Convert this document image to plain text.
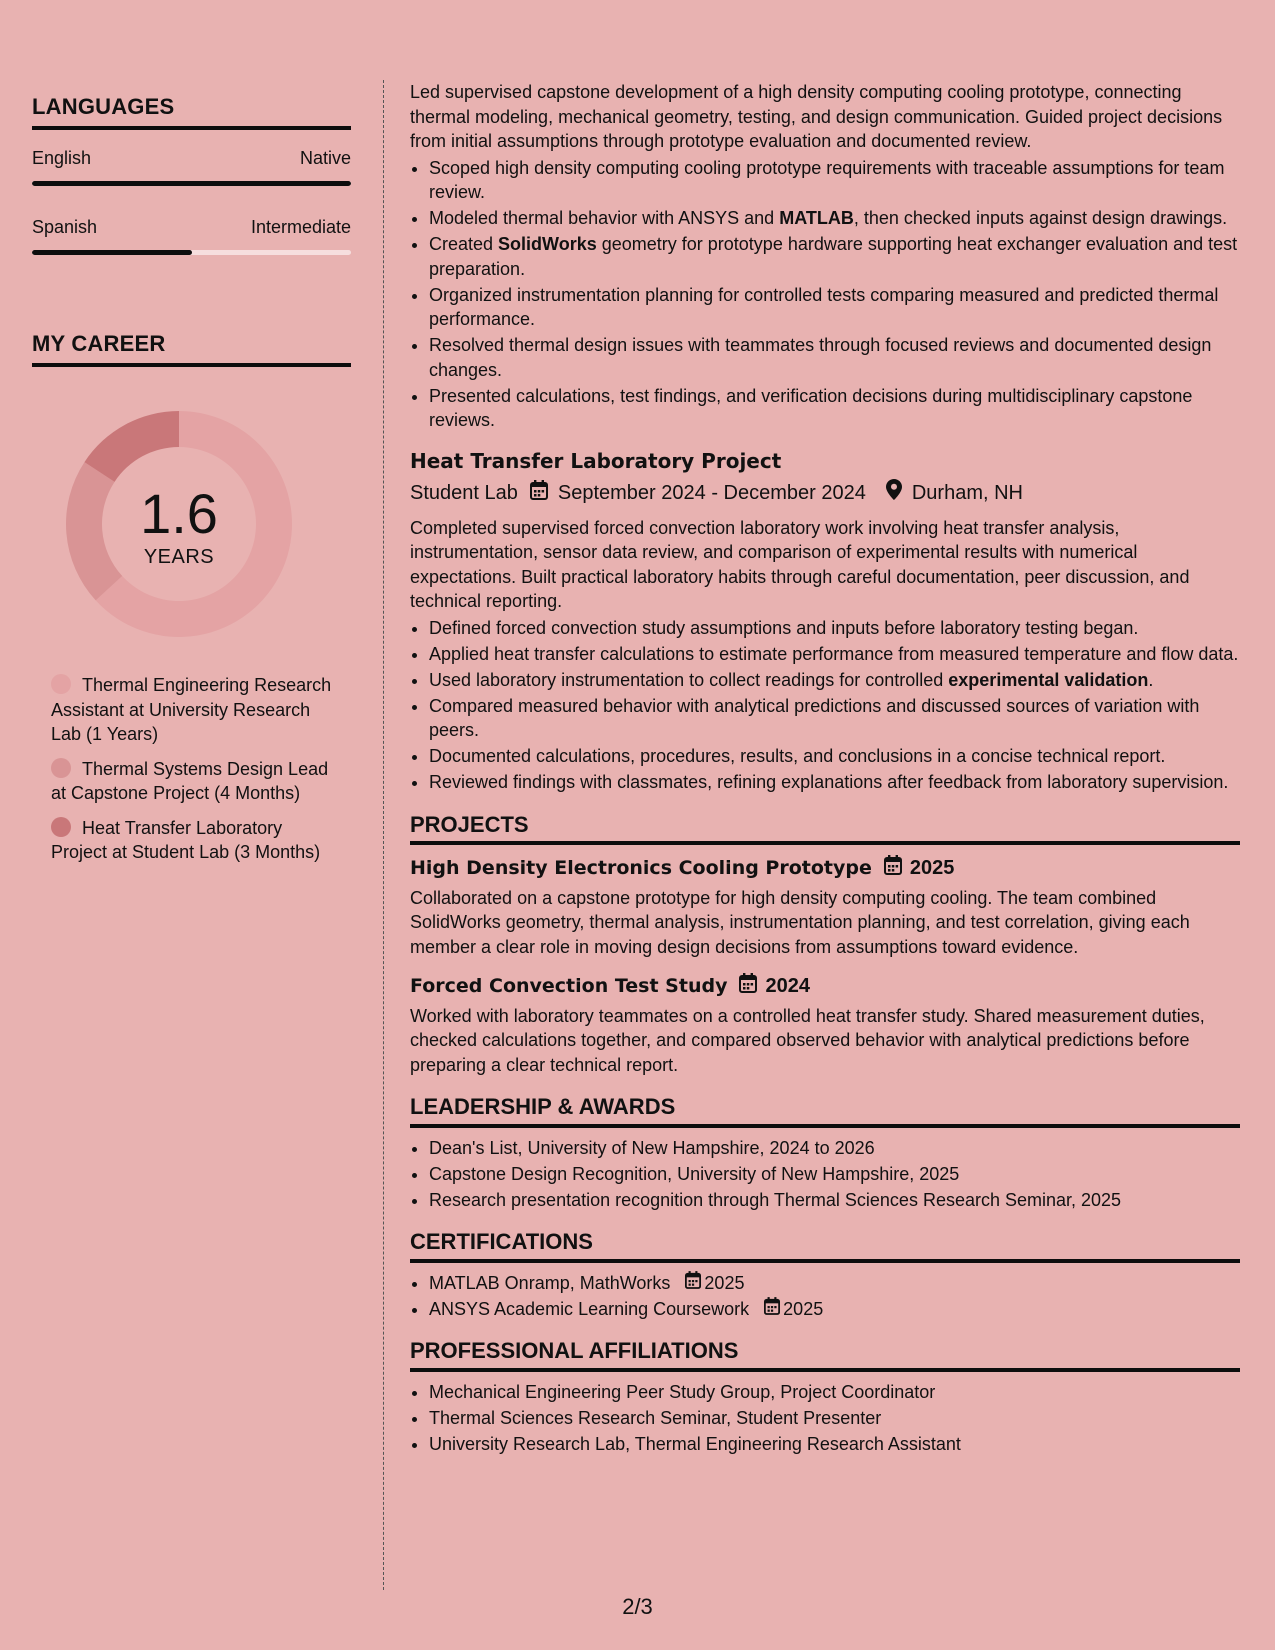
LANGUAGES
English	Native
Spanish	Intermediate
MY CAREER
1.6
YEARS
Thermal Engineering Research Assistant at University Research Lab (1 Years)
Thermal Systems Design Lead at Capstone Project (4 Months)
Heat Transfer Laboratory Project at Student Lab (3 Months)

Led supervised capstone development of a high density computing cooling prototype, connecting thermal modeling, mechanical geometry, testing, and design communication. Guided project decisions from initial assumptions through prototype evaluation and documented review.

• Scoped high density computing cooling prototype requirements with traceable assumptions for team review.
• Modeled thermal behavior with ANSYS and MATLAB, then checked inputs against design drawings.
• Created SolidWorks geometry for prototype hardware supporting heat exchanger evaluation and test preparation.
• Organized instrumentation planning for controlled tests comparing measured and predicted thermal performance.
• Resolved thermal design issues with teammates through focused reviews and documented design changes.
• Presented calculations, test findings, and verification decisions during multidisciplinary capstone reviews.
Heat Transfer Laboratory Project
Student Lab September 2024 - December 2024 Durham, NH

Completed supervised forced convection laboratory work involving heat transfer analysis, instrumentation, sensor data review, and comparison of experimental results with numerical expectations. Built practical laboratory habits through careful documentation, peer discussion, and technical reporting.

• Defined forced convection study assumptions and inputs before laboratory testing began.
• Applied heat transfer calculations to estimate performance from measured temperature and flow data.
• Used laboratory instrumentation to collect readings for controlled experimental validation.
• Compared measured behavior with analytical predictions and discussed sources of variation with peers.
• Documented calculations, procedures, results, and conclusions in a concise technical report.
• Reviewed findings with classmates, refining explanations after feedback from laboratory supervision.
PROJECTS
High Density Electronics Cooling Prototype 2025

Collaborated on a capstone prototype for high density computing cooling. The team combined SolidWorks geometry, thermal analysis, instrumentation planning, and test correlation, giving each member a clear role in moving design decisions from assumptions toward evidence.

Forced Convection Test Study 2024

Worked with laboratory teammates on a controlled heat transfer study. Shared measurement duties, checked calculations together, and compared observed behavior with analytical predictions before preparing a clear technical report.

LEADERSHIP & AWARDS
• Dean's List, University of New Hampshire, 2024 to 2026
• Capstone Design Recognition, University of New Hampshire, 2025
• Research presentation recognition through Thermal Sciences Research Seminar, 2025
CERTIFICATIONS
• MATLAB Onramp, MathWorks 2025
• ANSYS Academic Learning Coursework 2025
PROFESSIONAL AFFILIATIONS
• Mechanical Engineering Peer Study Group, Project Coordinator
• Thermal Sciences Research Seminar, Student Presenter
• University Research Lab, Thermal Engineering Research Assistant
2/3
